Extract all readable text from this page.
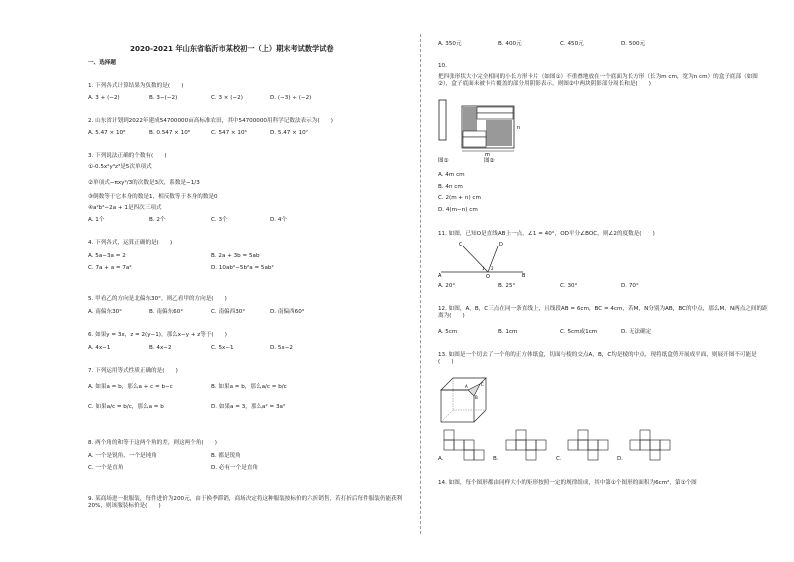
2020-2021 年山东省临沂市某校初一（上）期末考试数学试卷
一、选择题
1. 下列各式计算结果为负数的是(　　)
A. 3 + (−2)	B. 3−(−2)	C. 3 × (−2)	D. (−3) ÷ (−2)
2. 山东省计划到2022年建成54700000亩高标准农田，其中54700000用科学记数法表示为(　　)
A. 5.47 × 10⁸	B. 0.547 × 10⁸	C. 547 × 10⁵	D. 5.47 × 10⁷
3. 下列说法正确的个数有(　　)
①-0.5x²y³z³是5次单项式
②单项式−πxy²/3的次数是3次，系数是−1/3
③倒数等于它本身的数是1，相反数等于本身的数是0
④a²b²−2a + 1是四次三项式
A. 1个	B. 2个	C. 3个	D. 4个
4. 下列各式，运算正确的是(　　)
A. 5a−3a = 2	B. 2a + 3b = 5ab
C. 7a + a = 7a²	D. 10ab²−5b²a = 5ab²
5. 甲看乙的方向是北偏东30°，则乙看甲的方向是(　　)
A. 南偏东30°	B. 南偏东60°	C. 南偏西30°	D. 南偏西60°
6. 如果y = 3x，z = 2(y−1)，那么x−y + z等于(　　)
A. 4x−1	B. 4x−2	C. 5x−1	D. 5x−2
7. 下列运用等式性质正确的是(　　)
A. 如果a = b，那么a + c = b−c	B. 如果a = b，那么a/c = b/c
C. 如果a/c = b/c，那么a = b	D. 如果a = 3，那么a² = 3a²
8. 两个角的和等于这两个角的差，则这两个角(　　)
A. 一个是锐角，一个是钝角	B. 都是锐角
C. 一个是直角	D. 必有一个是直角
9. 某商场进一批服装，每件进价为200元，由于换季滞销，商场决定将这种服装按标价的六折销售，若打折后每件服装仍能获利20%，则该服装标价是(　　)
A. 350元	B. 400元	C. 450元	D. 500元
10.
把四张形状大小完全相同的小长方形卡片（如图①）不重叠地放在一个底面为长方形（长为m cm，宽为n cm）的盒子底部（如图②），盒子底面未被卡片覆盖的部分用阴影表示，则图②中两块阴影部分周长和是(　　)
m
n
图①	图②
A. 4m cm
B. 4n cm
C. 2(m + n) cm
D. 4(m−n) cm
11. 如图，已知O是直线AB上一点，∠1 = 40°，OD平分∠BOC，则∠2的度数是(　　)
C	D
A	O	B
1 2
A. 20°	B. 25°	C. 30°	D. 70°
12. 如图，A，B，C三点在同一条直线上，且线段AB = 6cm，BC = 4cm，若M，N分别为AB，BC的中点，那么M，N两点之间的距离为(　　)
A. 5cm	B. 1cm	C. 5cm或1cm	D. 无法确定
13. 如图是一个切去了一个角的正方体纸盒，切面与棱的交点A，B，C均是棱的中点，现将纸盒剪开展成平面，则展开图不可能是(　　)
A
B
C
A.	B.	C.	D.
14. 如图，每个图形都由同样大小的矩形按照一定的规律组成，其中第①个图形的面积为6cm²，第①个图
